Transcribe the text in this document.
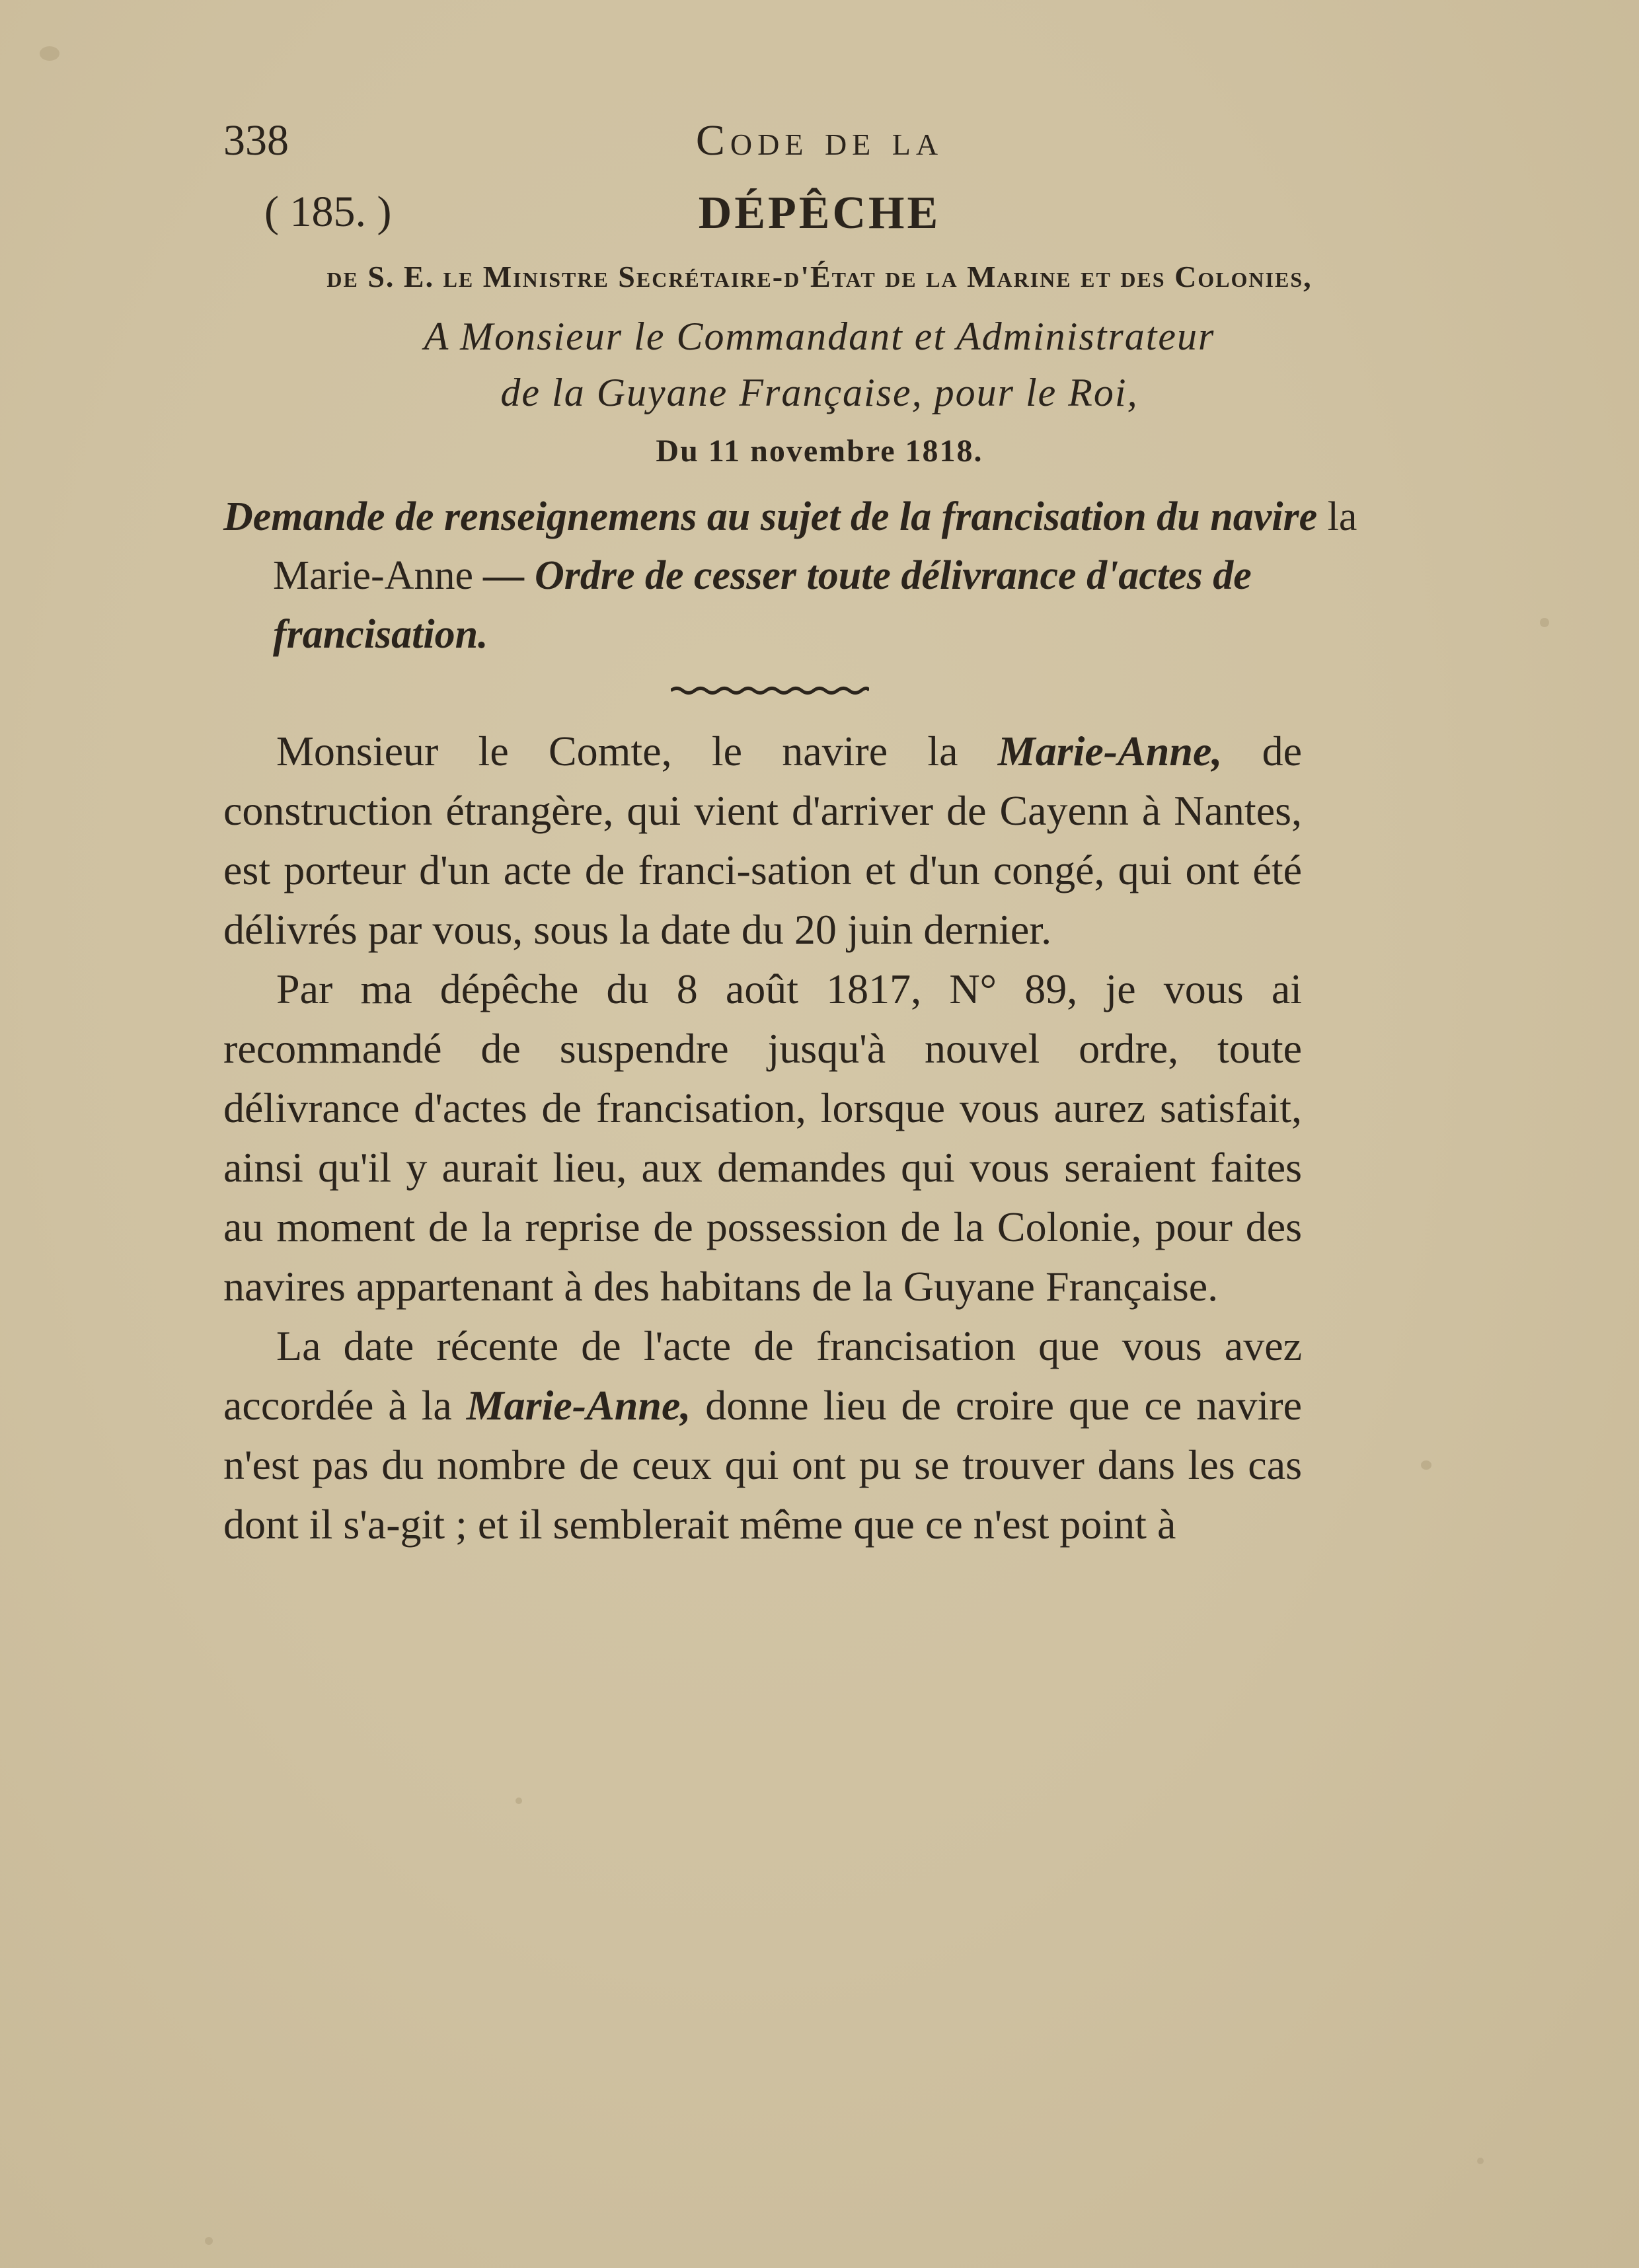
338	Code de la
( 185. )	DÉPÊCHE
de S. E. le Ministre Secrétaire-d'État de la Marine et des Colonies,
A Monsieur le Commandant et Administrateur
de la Guyane Française, pour le Roi,
Du 11 novembre 1818.
Demande de renseignemens au sujet de la francisation du navire la Marie-Anne — Ordre de cesser toute délivrance d'actes de francisation.

Monsieur le Comte, le navire la Marie-Anne, de construction étrangère, qui vient d'arriver de Cayenn à Nantes, est porteur d'un acte de franci-sation et d'un congé, qui ont été délivrés par vous, sous la date du 20 juin dernier.

Par ma dépêche du 8 août 1817, N° 89, je vous ai recommandé de suspendre jusqu'à nouvel ordre, toute délivrance d'actes de francisation, lorsque vous aurez satisfait, ainsi qu'il y aurait lieu, aux demandes qui vous seraient faites au moment de la reprise de possession de la Colonie, pour des navires appartenant à des habitans de la Guyane Française.

La date récente de l'acte de francisation que vous avez accordée à la Marie-Anne, donne lieu de croire que ce navire n'est pas du nombre de ceux qui ont pu se trouver dans les cas dont il s'a-git ; et il semblerait même que ce n'est point à
